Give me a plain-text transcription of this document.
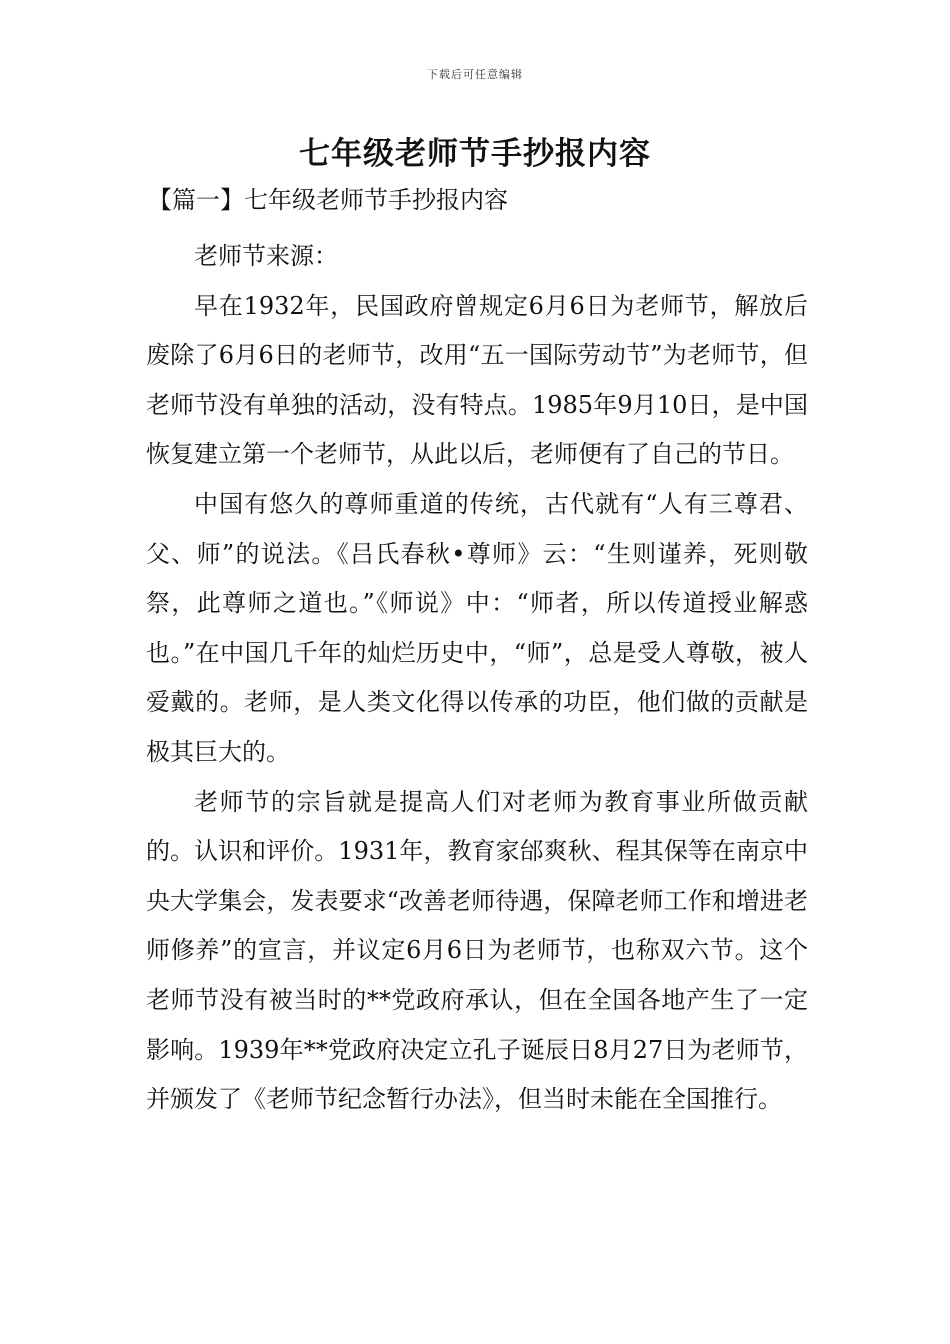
下载后可任意编辑
七年级老师节手抄报内容
【篇一】七年级老师节手抄报内容

老师节来源：

早在1932年，民国政府曾规定6月6日为老师节，解放后废除了6月6日的老师节，改用“五一国际劳动节”为老师节，但老师节没有单独的活动，没有特点。1985年9月10日，是中国恢复建立第一个老师节，从此以后，老师便有了自己的节日。

中国有悠久的尊师重道的传统，古代就有“人有三尊君、父、师”的说法。《吕氏春秋•尊师》云：“生则谨养，死则敬祭，此尊师之道也。”《师说》中：“师者，所以传道授业解惑也。”在中国几千年的灿烂历史中，“师”，总是受人尊敬，被人爱戴的。老师，是人类文化得以传承的功臣，他们做的贡献是极其巨大的。

老师节的宗旨就是提高人们对老师为教育事业所做贡献的。认识和评价。1931年，教育家邰爽秋、程其保等在南京中央大学集会，发表要求“改善老师待遇，保障老师工作和增进老师修养”的宣言，并议定6月6日为老师节，也称双六节。这个老师节没有被当时的**党政府承认，但在全国各地产生了一定影响。1939年**党政府决定立孔子诞辰日8月27日为老师节，并颁发了《老师节纪念暂行办法》，但当时未能在全国推行。
